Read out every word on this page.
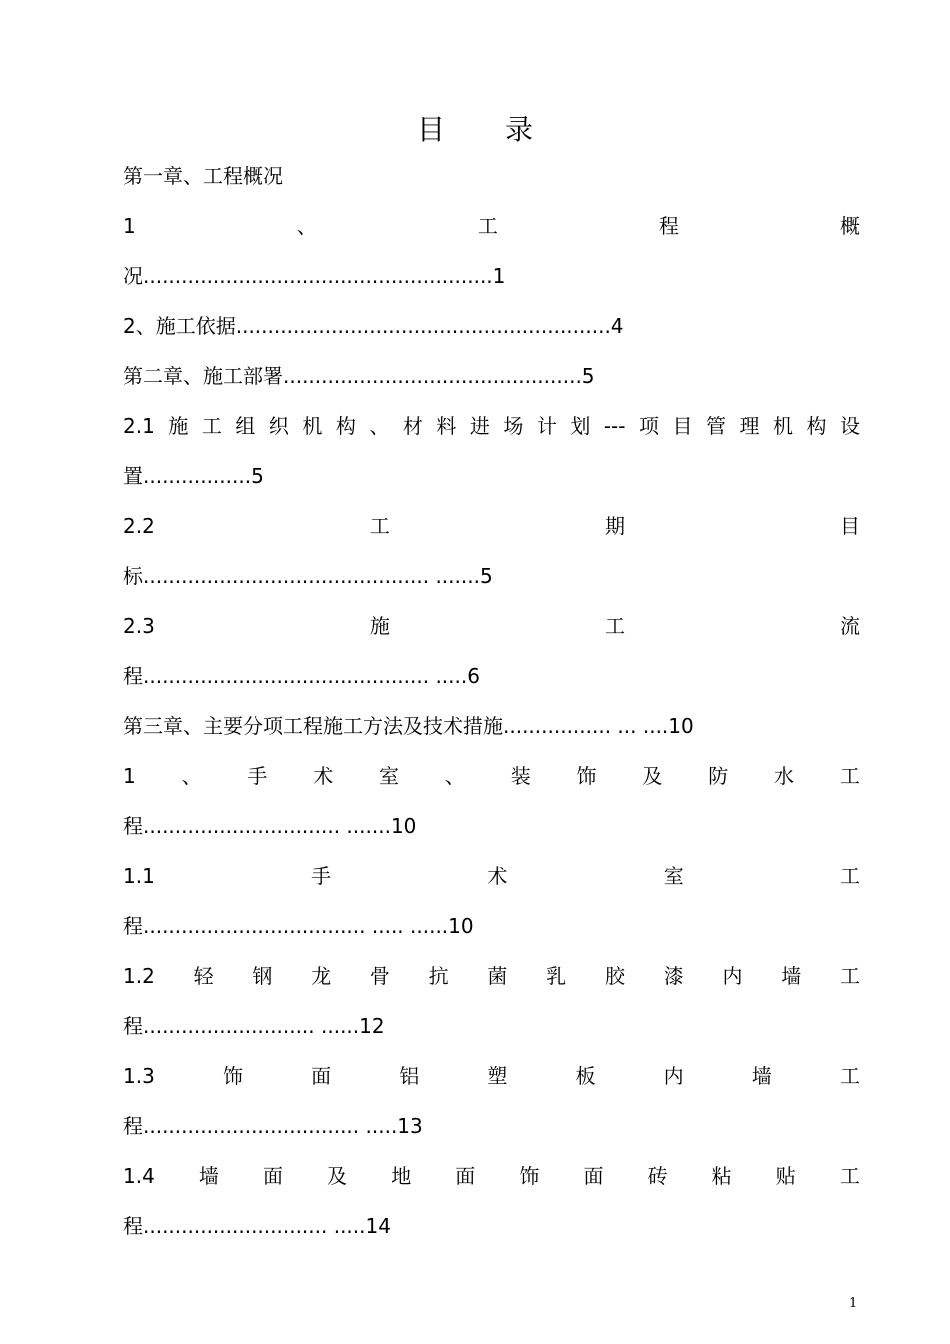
目 录
第一章、工程概况
1	、	工	程	概
况.......................................................1
2、施工依据...........................................................4
第二章、施工部署...............................................5
2.1 施 工 组 织 机 构 、 材 料 进 场 计 划 --- 项 目 管 理 机 构 设
置.................5
2.2	工	期	目
标............................................. .......5
2.3	施	工	流
程............................................. .....6
第三章、主要分项工程施工方法及技术措施................. ... ....10
1 、 手 术 室 、 装 饰 及 防 水 工
程............................... .......10
1.1	手	术	室	工
程................................... ..... ......10
1.2 轻 钢 龙 骨 抗 菌 乳 胶 漆 内 墙 工
程........................... ......12
1.3	饰	面	铝	塑	板	内	墙	工
程.................................. .....13
1.4 墙 面 及 地 面 饰 面 砖 粘 贴 工
程............................. .....14
1
